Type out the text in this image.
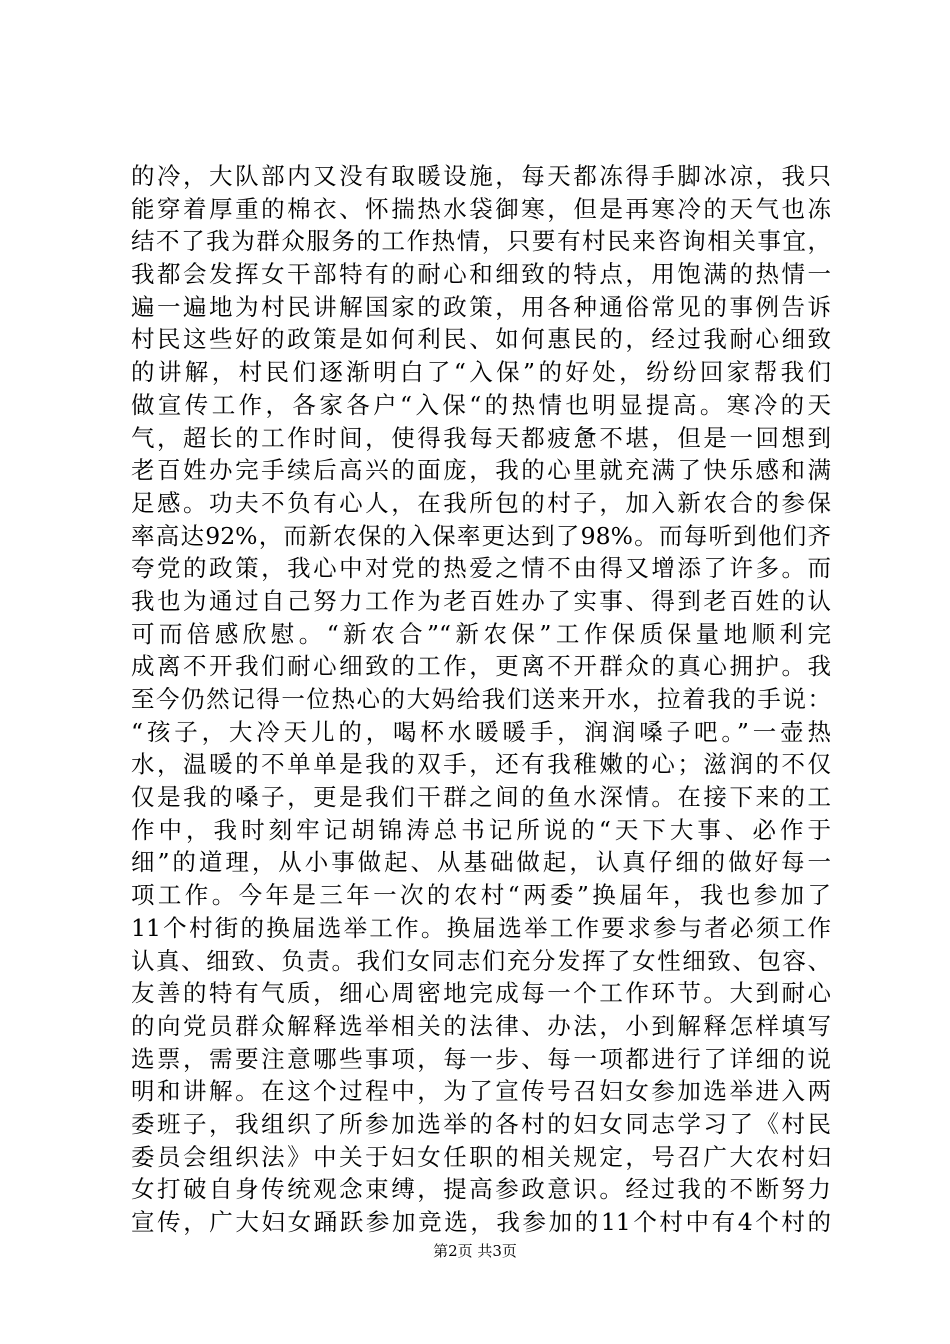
的冷，大队部内又没有取暖设施，每天都冻得手脚冰凉，我只
能穿着厚重的棉衣、怀揣热水袋御寒，但是再寒冷的天气也冻
结不了我为群众服务的工作热情，只要有村民来咨询相关事宜，
我都会发挥女干部特有的耐心和细致的特点，用饱满的热情一
遍一遍地为村民讲解国家的政策，用各种通俗常见的事例告诉
村民这些好的政策是如何利民、如何惠民的，经过我耐心细致
的讲解，村民们逐渐明白了“入保”的好处，纷纷回家帮我们
做宣传工作，各家各户“入保“的热情也明显提高。寒冷的天
气，超长的工作时间，使得我每天都疲惫不堪，但是一回想到
老百姓办完手续后高兴的面庞，我的心里就充满了快乐感和满
足感。功夫不负有心人，在我所包的村子，加入新农合的参保
率高达92%，而新农保的入保率更达到了98%。而每听到他们齐
夸党的政策，我心中对党的热爱之情不由得又增添了许多。而
我也为通过自己努力工作为老百姓办了实事、得到老百姓的认
可而倍感欣慰。“新农合”“新农保”工作保质保量地顺利完
成离不开我们耐心细致的工作，更离不开群众的真心拥护。我
至今仍然记得一位热心的大妈给我们送来开水，拉着我的手说：
“孩子，大冷天儿的，喝杯水暖暖手，润润嗓子吧。”一壶热
水，温暖的不单单是我的双手，还有我稚嫩的心；滋润的不仅
仅是我的嗓子，更是我们干群之间的鱼水深情。在接下来的工
作中，我时刻牢记胡锦涛总书记所说的“天下大事、必作于
细”的道理，从小事做起、从基础做起，认真仔细的做好每一
项工作。今年是三年一次的农村“两委”换届年，我也参加了
11个村街的换届选举工作。换届选举工作要求参与者必须工作
认真、细致、负责。我们女同志们充分发挥了女性细致、包容、
友善的特有气质，细心周密地完成每一个工作环节。大到耐心
的向党员群众解释选举相关的法律、办法，小到解释怎样填写
选票，需要注意哪些事项，每一步、每一项都进行了详细的说
明和讲解。在这个过程中，为了宣传号召妇女参加选举进入两
委班子，我组织了所参加选举的各村的妇女同志学习了《村民
委员会组织法》中关于妇女任职的相关规定，号召广大农村妇
女打破自身传统观念束缚，提高参政意识。经过我的不断努力
宣传，广大妇女踊跃参加竞选，我参加的11个村中有4个村的
第2页 共3页
